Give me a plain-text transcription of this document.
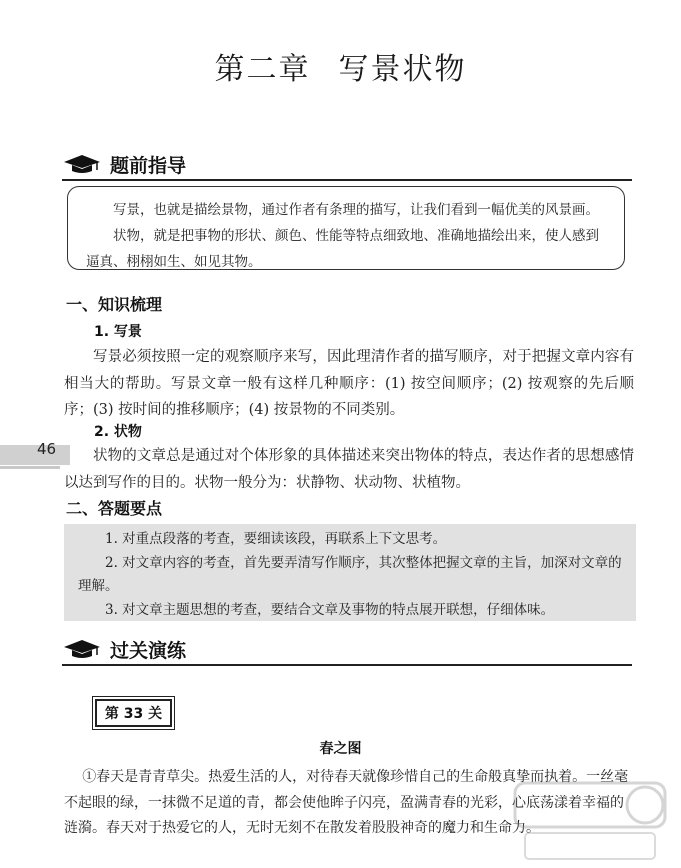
第二章 写景状物
题前指导

写景，也就是描绘景物，通过作者有条理的描写，让我们看到一幅优美的风景画。

状物，就是把事物的形状、颜色、性能等特点细致地、准确地描绘出来，使人感到逼真、栩栩如生、如见其物。

一、知识梳理
1. 写景

写景必须按照一定的观察顺序来写，因此理清作者的描写顺序，对于把握文章内容有相当大的帮助。写景文章一般有这样几种顺序：(1) 按空间顺序；(2) 按观察的先后顺序；(3) 按时间的推移顺序；(4) 按景物的不同类别。

2. 状物

状物的文章总是通过对个体形象的具体描述来突出物体的特点，表达作者的思想感情以达到写作的目的。状物一般分为：状静物、状动物、状植物。

46
二、答题要点

1. 对重点段落的考查，要细读该段，再联系上下文思考。

2. 对文章内容的考查，首先要弄清写作顺序，其次整体把握文章的主旨，加深对文章的理解。

3. 对文章主题思想的考查，要结合文章及事物的特点展开联想，仔细体味。

过关演练
第 33 关
春之图

①春天是青青草尖。热爱生活的人，对待春天就像珍惜自己的生命般真挚而执着。一丝毫不起眼的绿，一抹微不足道的青，都会使他眸子闪亮，盈满青春的光彩，心底荡漾着幸福的涟漪。春天对于热爱它的人，无时无刻不在散发着股股神奇的魔力和生命力。
